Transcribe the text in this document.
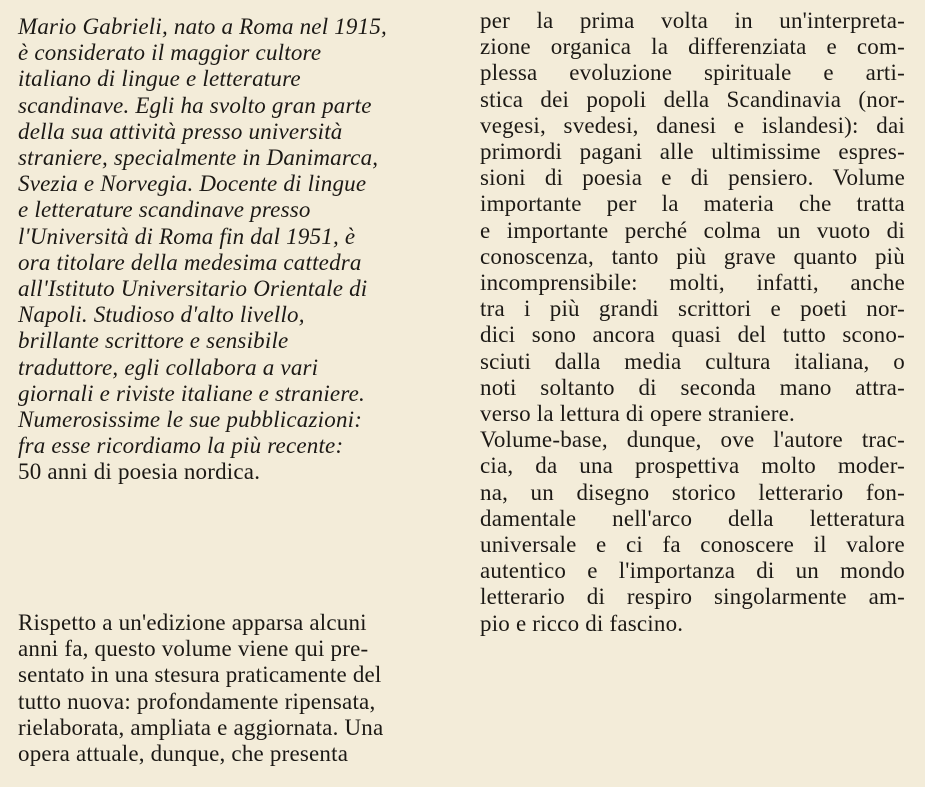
Mario Gabrieli, nato a Roma nel 1915,
è considerato il maggior cultore
italiano di lingue e letterature
scandinave. Egli ha svolto gran parte
della sua attività presso università
straniere, specialmente in Danimarca,
Svezia e Norvegia. Docente di lingue
e letterature scandinave presso
l'Università di Roma fin dal 1951, è
ora titolare della medesima cattedra
all'Istituto Universitario Orientale di
Napoli. Studioso d'alto livello,
brillante scrittore e sensibile
traduttore, egli collabora a vari
giornali e riviste italiane e straniere.
Numerosissime le sue pubblicazioni:
fra esse ricordiamo la più recente:
50 anni di poesia nordica.
Rispetto a un'edizione apparsa alcuni
anni fa, questo volume viene qui pre-
sentato in una stesura praticamente del
tutto nuova: profondamente ripensata,
rielaborata, ampliata e aggiornata. Una
opera attuale, dunque, che presenta
per la prima volta in un'interpreta-
zione organica la differenziata e com-
plessa evoluzione spirituale e arti-
stica dei popoli della Scandinavia (nor-
vegesi, svedesi, danesi e islandesi): dai
primordi pagani alle ultimissime espres-
sioni di poesia e di pensiero. Volume
importante per la materia che tratta
e importante perché colma un vuoto di
conoscenza, tanto più grave quanto più
incomprensibile: molti, infatti, anche
tra i più grandi scrittori e poeti nor-
dici sono ancora quasi del tutto scono-
sciuti dalla media cultura italiana, o
noti soltanto di seconda mano attra-
verso la lettura di opere straniere.
Volume-base, dunque, ove l'autore trac-
cia, da una prospettiva molto moder-
na, un disegno storico letterario fon-
damentale nell'arco della letteratura
universale e ci fa conoscere il valore
autentico e l'importanza di un mondo
letterario di respiro singolarmente am-
pio e ricco di fascino.
